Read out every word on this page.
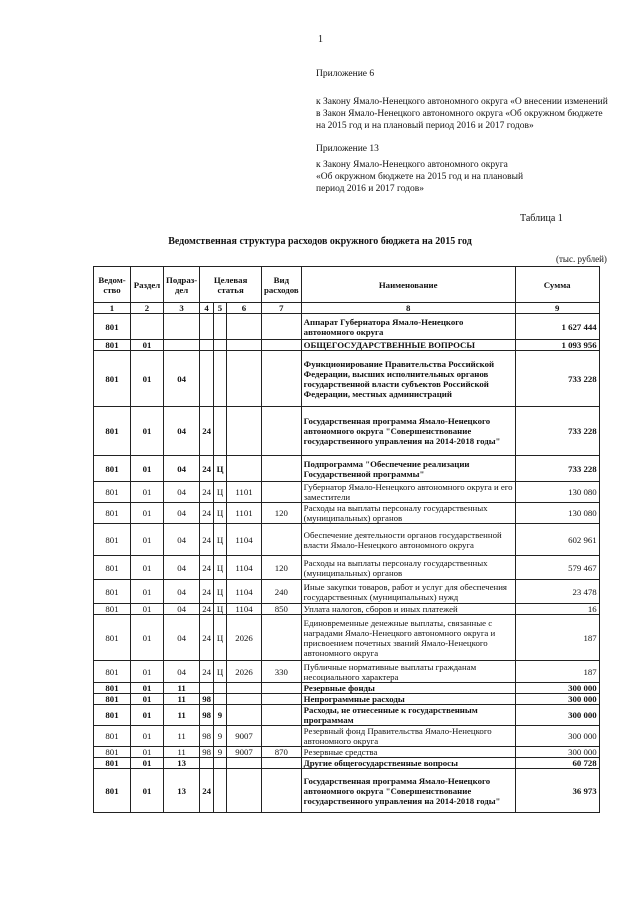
1
Приложение 6
к Закону Ямало-Ненецкого автономного округа «О внесении изменений
в Закон Ямало-Ненецкого автономного округа «Об окружном бюджете
на 2015 год и на плановый период 2016 и 2017 годов»
Приложение 13
к Закону Ямало-Ненецкого автономного округа
«Об окружном бюджете на 2015 год и на плановый
период 2016 и 2017 годов»
Таблица 1
Ведомственная структура расходов окружного бюджета на 2015 год
(тыс. рублей)
Ведом-ство	Раздел	Подраз-дел	Целевая статья			Вид расходов	Наименование	Сумма
1	2	3	4	5	6	7	8	9
801							Аппарат Губернатора Ямало-Ненецкого автономного округа	1 627 444
801	01						ОБЩЕГОСУДАРСТВЕННЫЕ ВОПРОСЫ	1 093 956
801	01	04					Функционирование Правительства Российской Федерации, высших исполнительных органов государственной власти субъектов Российской Федерации, местных администраций	733 228
801	01	04	24				Государственная программа Ямало-Ненецкого автономного округа "Совершенствование государственного управления на 2014-2018 годы"	733 228
801	01	04	24	Ц			Подпрограмма "Обеспечение реализации Государственной программы"	733 228
801	01	04	24	Ц	1101		Губернатор Ямало-Ненецкого автономного округа и его заместители	130 080
801	01	04	24	Ц	1101	120	Расходы на выплаты персоналу государственных (муниципальных) органов	130 080
801	01	04	24	Ц	1104		Обеспечение деятельности органов государственной власти Ямало-Ненецкого автономного округа	602 961
801	01	04	24	Ц	1104	120	Расходы на выплаты персоналу государственных (муниципальных) органов	579 467
801	01	04	24	Ц	1104	240	Иные закупки товаров, работ и услуг для обеспечения государственных (муниципальных) нужд	23 478
801	01	04	24	Ц	1104	850	Уплата налогов, сборов и иных платежей	16
801	01	04	24	Ц	2026		Единовременные денежные выплаты, связанные с наградами Ямало-Ненецкого автономного округа и присвоением почетных званий Ямало-Ненецкого автономного округа	187
801	01	04	24	Ц	2026	330	Публичные нормативные выплаты гражданам несоциального характера	187
801	01	11					Резервные фонды	300 000
801	01	11	98				Непрограммные расходы	300 000
801	01	11	98	9			Расходы, не отнесенные к государственным программам	300 000
801	01	11	98	9	9007		Резервный фонд Правительства Ямало-Ненецкого автономного округа	300 000
801	01	11	98	9	9007	870	Резервные средства	300 000
801	01	13					Другие общегосударственные вопросы	60 728
801	01	13	24				Государственная программа Ямало-Ненецкого автономного округа "Совершенствование государственного управления на 2014-2018 годы"	36 973
